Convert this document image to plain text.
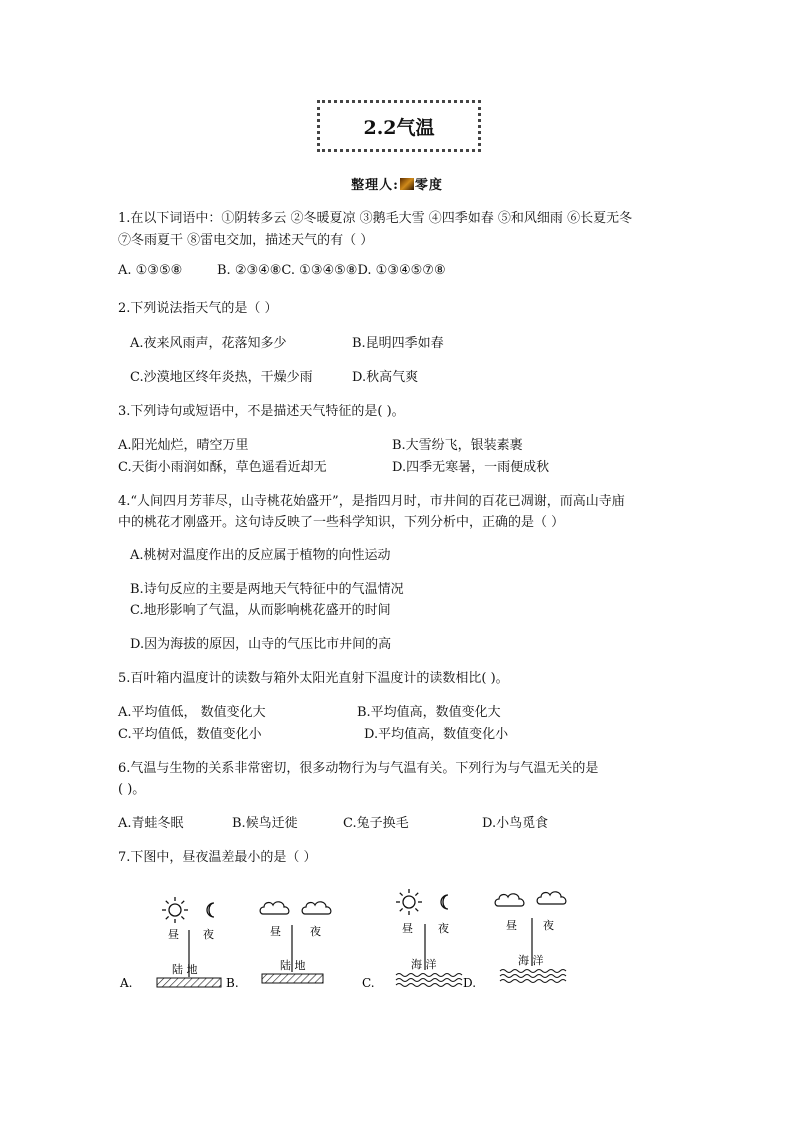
2.2气温
整理人: 零度
1.在以下词语中：①阴转多云 ②冬暖夏凉 ③鹅毛大雪 ④四季如春 ⑤和风细雨 ⑥长夏无冬
⑦冬雨夏干 ⑧雷电交加，描述天气的有（ ）
A. ①③⑤⑧	B. ②③④⑧C. ①③④⑤⑧D. ①③④⑤⑦⑧
2.下列说法指天气的是（ ）
A.夜来风雨声，花落知多少	B.昆明四季如春
C.沙漠地区终年炎热，干燥少雨	D.秋高气爽
3.下列诗句或短语中，不是描述天气特征的是( )。
A.阳光灿烂，晴空万里	B.大雪纷飞，银装素裹
C.天街小雨润如酥，草色遥看近却无	D.四季无寒暑，一雨便成秋
4.“人间四月芳菲尽，山寺桃花始盛开”，是指四月时，市井间的百花已凋谢，而高山寺庙
中的桃花才刚盛开。这句诗反映了一些科学知识，下列分析中，正确的是（ ）
A.桃树对温度作出的反应属于植物的向性运动
B.诗句反应的主要是两地天气特征中的气温情况
C.地形影响了气温，从而影响桃花盛开的时间
D.因为海拔的原因，山寺的气压比市井间的高
5.百叶箱内温度计的读数与箱外太阳光直射下温度计的读数相比( )。
A.平均值低， 数值变化大	B.平均值高，数值变化大
C.平均值低，数值变化小	D.平均值高，数值变化小
6.气温与生物的关系非常密切，很多动物行为与气温有关。下列行为与气温无关的是
( )。
A.青蛙冬眠	B.候鸟迁徙	C.兔子换毛	D.小鸟觅食
7.下图中，昼夜温差最小的是（ ）
昼 夜
陆 地
A.
昼	夜
陆 地
B.
昼 夜
海 洋
C.
昼 夜
海 洋
D.
